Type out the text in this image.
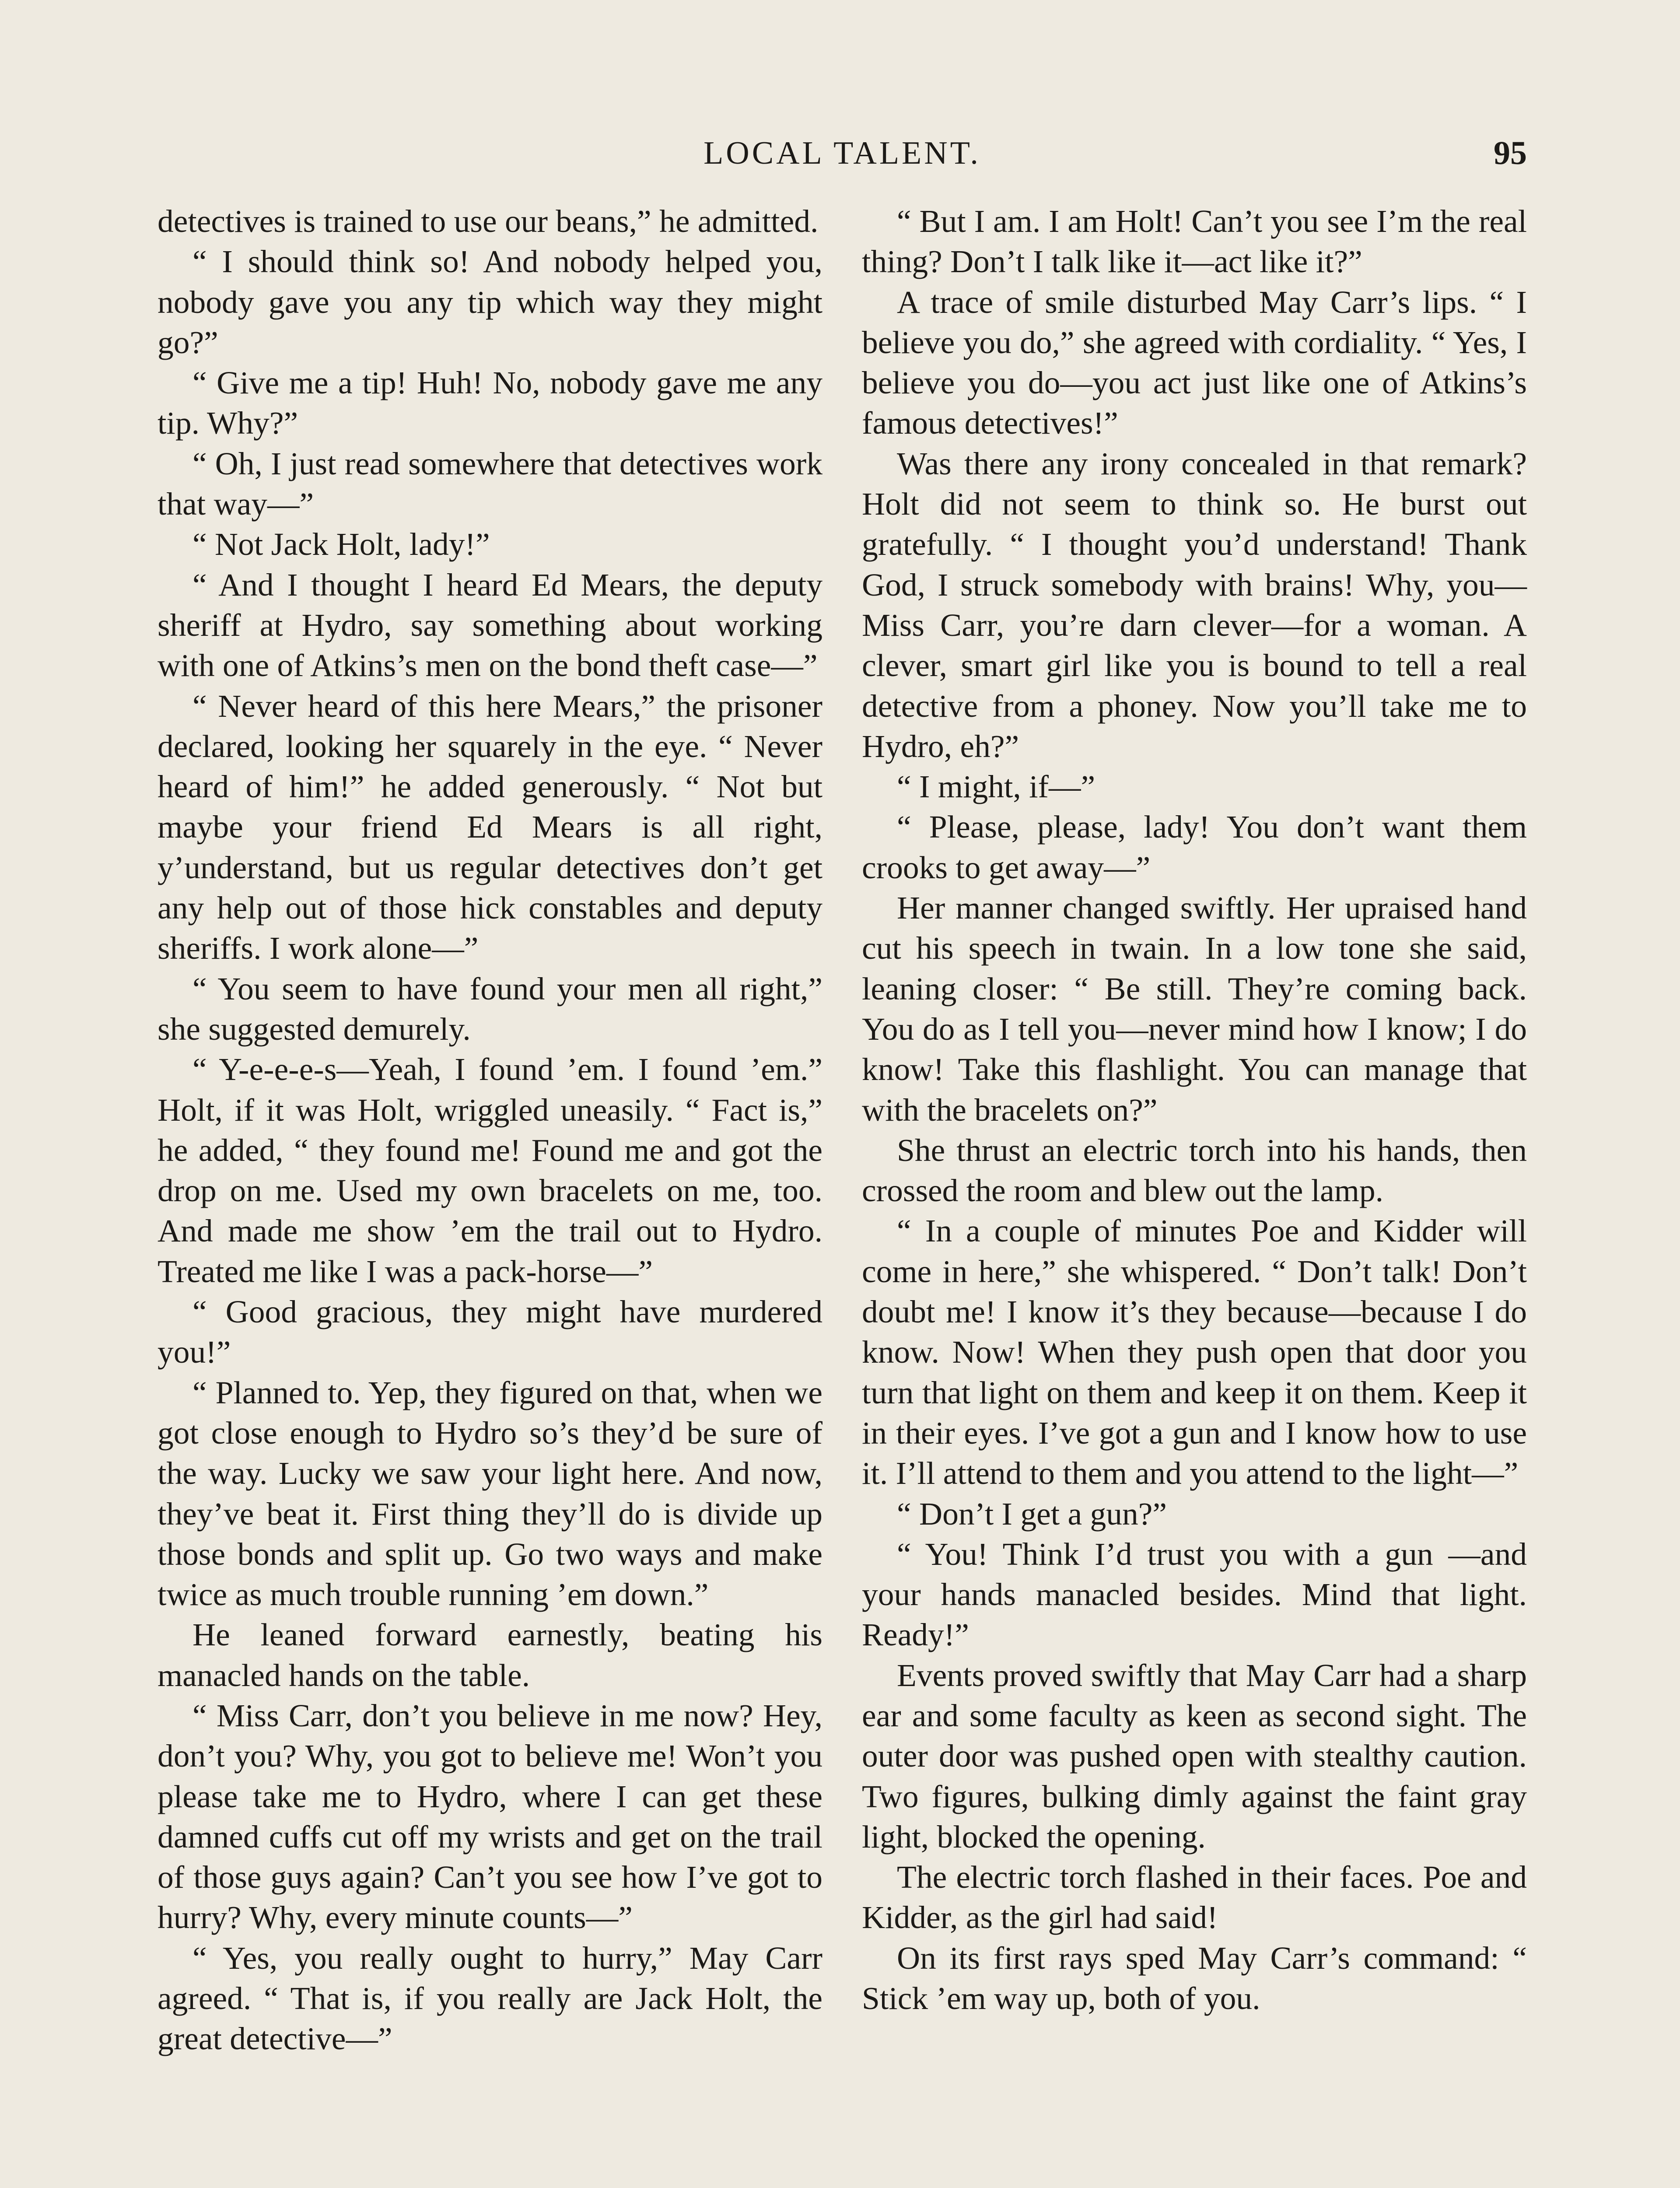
LOCAL TALENT.	95

detectives is trained to use our beans,” he admitted.

“ I should think so! And nobody helped you, nobody gave you any tip which way they might go?”

“ Give me a tip! Huh! No, nobody gave me any tip. Why?”

“ Oh, I just read somewhere that detectives work that way—”

“ Not Jack Holt, lady!”

“ And I thought I heard Ed Mears, the deputy sheriff at Hydro, say something about working with one of Atkins’s men on the bond theft case—”

“ Never heard of this here Mears,” the prisoner declared, looking her squarely in the eye. “ Never heard of him!” he added generously. “ Not but maybe your friend Ed Mears is all right, y’understand, but us regular detectives don’t get any help out of those hick constables and deputy sheriffs. I work alone—”

“ You seem to have found your men all right,” she suggested demurely.

“ Y-e-e-e-s—Yeah, I found ’em. I found ’em.” Holt, if it was Holt, wriggled uneasily. “ Fact is,” he added, “ they found me! Found me and got the drop on me. Used my own bracelets on me, too. And made me show ’em the trail out to Hydro. Treated me like I was a pack-horse—”

“ Good gracious, they might have murdered you!”

“ Planned to. Yep, they figured on that, when we got close enough to Hydro so’s they’d be sure of the way. Lucky we saw your light here. And now, they’ve beat it. First thing they’ll do is divide up those bonds and split up. Go two ways and make twice as much trouble running ’em down.”

He leaned forward earnestly, beating his manacled hands on the table.

“ Miss Carr, don’t you believe in me now? Hey, don’t you? Why, you got to believe me! Won’t you please take me to Hydro, where I can get these damned cuffs cut off my wrists and get on the trail of those guys again? Can’t you see how I’ve got to hurry? Why, every minute counts—”

“ Yes, you really ought to hurry,” May Carr agreed. “ That is, if you really are Jack Holt, the great detective—”

“ But I am. I am Holt! Can’t you see I’m the real thing? Don’t I talk like it—act like it?”

A trace of smile disturbed May Carr’s lips. “ I believe you do,” she agreed with cordiality. “ Yes, I believe you do—you act just like one of Atkins’s famous detectives!”

Was there any irony concealed in that remark? Holt did not seem to think so. He burst out gratefully. “ I thought you’d understand! Thank God, I struck somebody with brains! Why, you—Miss Carr, you’re darn clever—for a woman. A clever, smart girl like you is bound to tell a real detective from a phoney. Now you’ll take me to Hydro, eh?”

“ I might, if—”

“ Please, please, lady! You don’t want them crooks to get away—”

Her manner changed swiftly. Her upraised hand cut his speech in twain. In a low tone she said, leaning closer: “ Be still. They’re coming back. You do as I tell you—never mind how I know; I do know! Take this flashlight. You can manage that with the bracelets on?”

She thrust an electric torch into his hands, then crossed the room and blew out the lamp.

“ In a couple of minutes Poe and Kidder will come in here,” she whispered. “ Don’t talk! Don’t doubt me! I know it’s they because—because I do know. Now! When they push open that door you turn that light on them and keep it on them. Keep it in their eyes. I’ve got a gun and I know how to use it. I’ll attend to them and you attend to the light—”

“ Don’t I get a gun?”

“ You! Think I’d trust you with a gun —and your hands manacled besides. Mind that light. Ready!”

Events proved swiftly that May Carr had a sharp ear and some faculty as keen as second sight. The outer door was pushed open with stealthy caution. Two figures, bulking dimly against the faint gray light, blocked the opening.

The electric torch flashed in their faces. Poe and Kidder, as the girl had said!

On its first rays sped May Carr’s command: “ Stick ’em way up, both of you.
